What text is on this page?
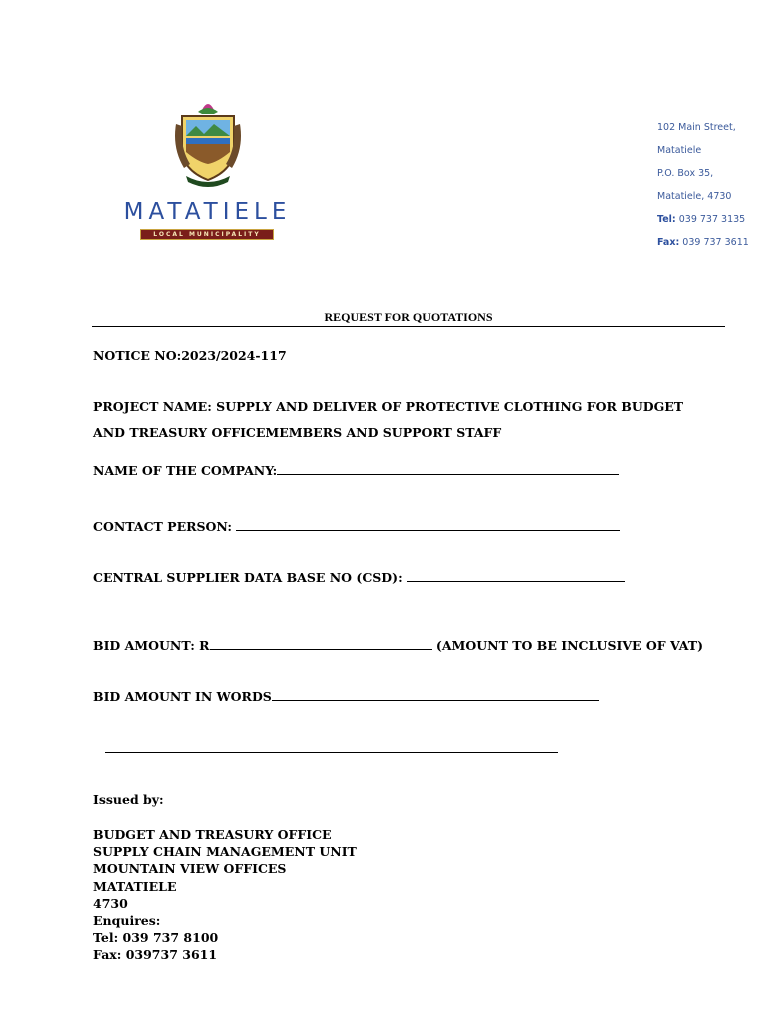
MATATIELE
LOCAL MUNICIPALITY
102 Main Street,
Matatiele
P.O. Box 35,
Matatiele, 4730
Tel: 039 737 3135
Fax: 039 737 3611
REQUEST FOR QUOTATIONS
NOTICE NO:2023/2024-117
PROJECT NAME: SUPPLY AND DELIVER OF PROTECTIVE CLOTHING FOR BUDGET
AND TREASURY OFFICEMEMBERS AND SUPPORT STAFF
NAME OF THE COMPANY:
CONTACT PERSON:
CENTRAL SUPPLIER DATA BASE NO (CSD):
BID AMOUNT: R	(AMOUNT TO BE INCLUSIVE OF VAT)
BID AMOUNT IN WORDS
Issued by:
BUDGET AND TREASURY OFFICE
SUPPLY CHAIN MANAGEMENT UNIT
MOUNTAIN VIEW OFFICES
MATATIELE
4730
Enquires:
Tel: 039 737 8100
Fax: 039737 3611
